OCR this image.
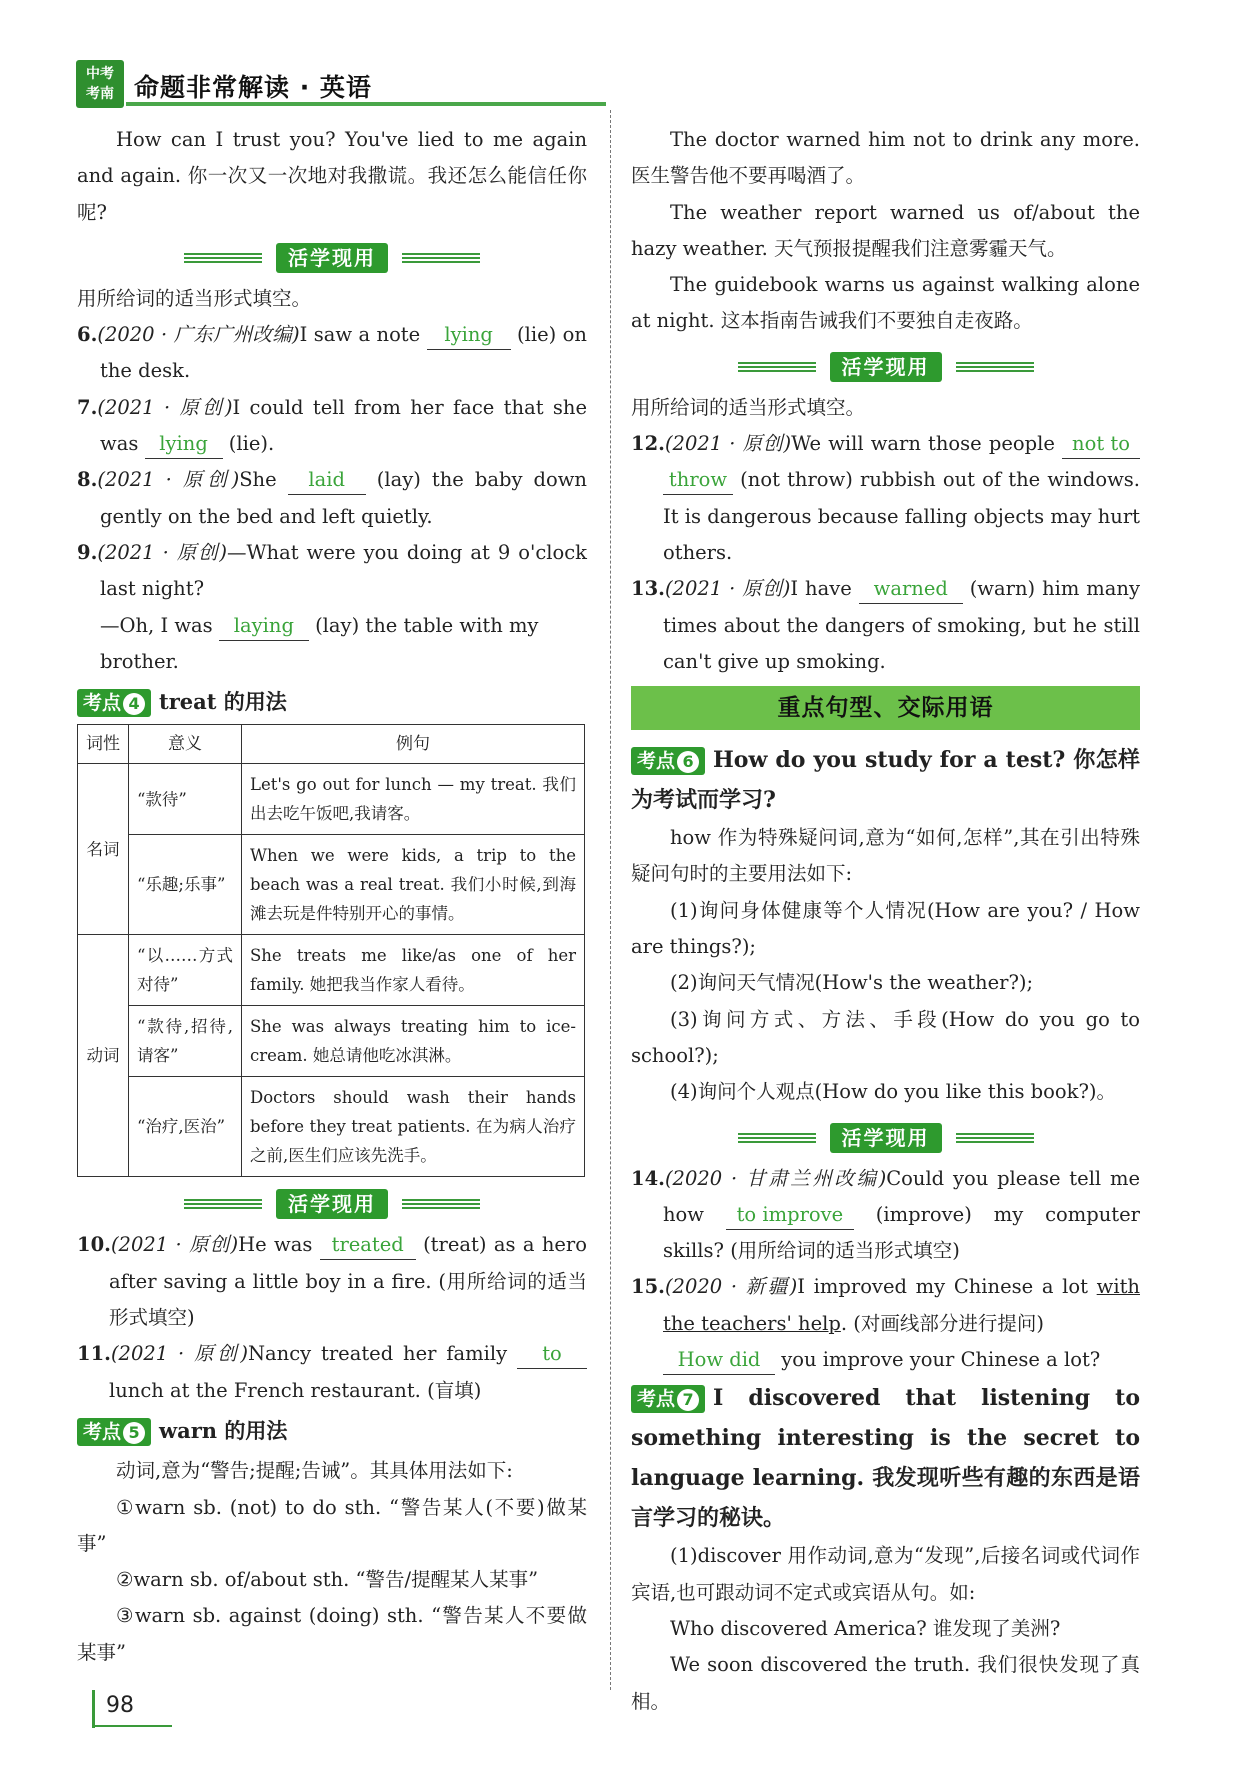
中考
考南 命题非常解读 · 英语

How can I trust you? You've lied to me again and again. 你一次又一次地对我撒谎。我还怎么能信任你呢?

活学现用

用所给词的适当形式填空。

6.(2020 · 广东广州改编)I saw a note lying (lie) on the desk.

7.(2021 · 原创)I could tell from her face that she was lying (lie).

8.(2021 · 原创)She laid (lay) the baby down gently on the bed and left quietly.

9.(2021 · 原创)—What were you doing at 9 o'clock last night?

—Oh, I was laying (lay) the table with my brother.

考点 4 treat 的用法
词性	意义	例句
名词	“款待”	Let's go out for lunch — my treat. 我们出去吃午饭吧,我请客。
	“乐趣;乐事”	When we were kids, a trip to the beach was a real treat. 我们小时候,到海滩去玩是件特别开心的事情。
动词	“以……方式对待”	She treats me like/as one of her family. 她把我当作家人看待。
	“款待,招待,请客”	She was always treating him to ice-cream. 她总请他吃冰淇淋。
	“治疗,医治”	Doctors should wash their hands before they treat patients. 在为病人治疗之前,医生们应该先洗手。
活学现用

10.(2021 · 原创)He was treated (treat) as a hero after saving a little boy in a fire. (用所给词的适当形式填空)

11.(2021 · 原创)Nancy treated her family to lunch at the French restaurant. (盲填)

考点 5 warn 的用法

动词,意为“警告;提醒;告诫”。其具体用法如下:

①warn sb. (not) to do sth. “警告某人(不要)做某事”

②warn sb. of/about sth. “警告/提醒某人某事”

③warn sb. against (doing) sth. “警告某人不要做某事”

The doctor warned him not to drink any more. 医生警告他不要再喝酒了。

The weather report warned us of/about the hazy weather. 天气预报提醒我们注意雾霾天气。

The guidebook warns us against walking alone at night. 这本指南告诫我们不要独自走夜路。

活学现用

用所给词的适当形式填空。

12.(2021 · 原创)We will warn those people not to throw (not throw) rubbish out of the windows. It is dangerous because falling objects may hurt others.

13.(2021 · 原创)I have warned (warn) him many times about the dangers of smoking, but he still can't give up smoking.

重点句型、交际用语
考点 6 How do you study for a test? 你怎样为考试而学习?

how 作为特殊疑问词,意为“如何,怎样”,其在引出特殊疑问句时的主要用法如下:

(1)询问身体健康等个人情况(How are you? / How are things?);

(2)询问天气情况(How's the weather?);

(3)询问方式、方法、手段(How do you go to school?);

(4)询问个人观点(How do you like this book?)。

活学现用

14.(2020 · 甘肃兰州改编)Could you please tell me how to improve (improve) my computer skills? (用所给词的适当形式填空)

15.(2020 · 新疆)I improved my Chinese a lot with the teachers' help. (对画线部分进行提问)

How did you improve your Chinese a lot?

考点 7 I discovered that listening to something interesting is the secret to language learning. 我发现听些有趣的东西是语言学习的秘诀。

(1)discover 用作动词,意为“发现”,后接名词或代词作宾语,也可跟动词不定式或宾语从句。如:

Who discovered America? 谁发现了美洲?

We soon discovered the truth. 我们很快发现了真相。

98
